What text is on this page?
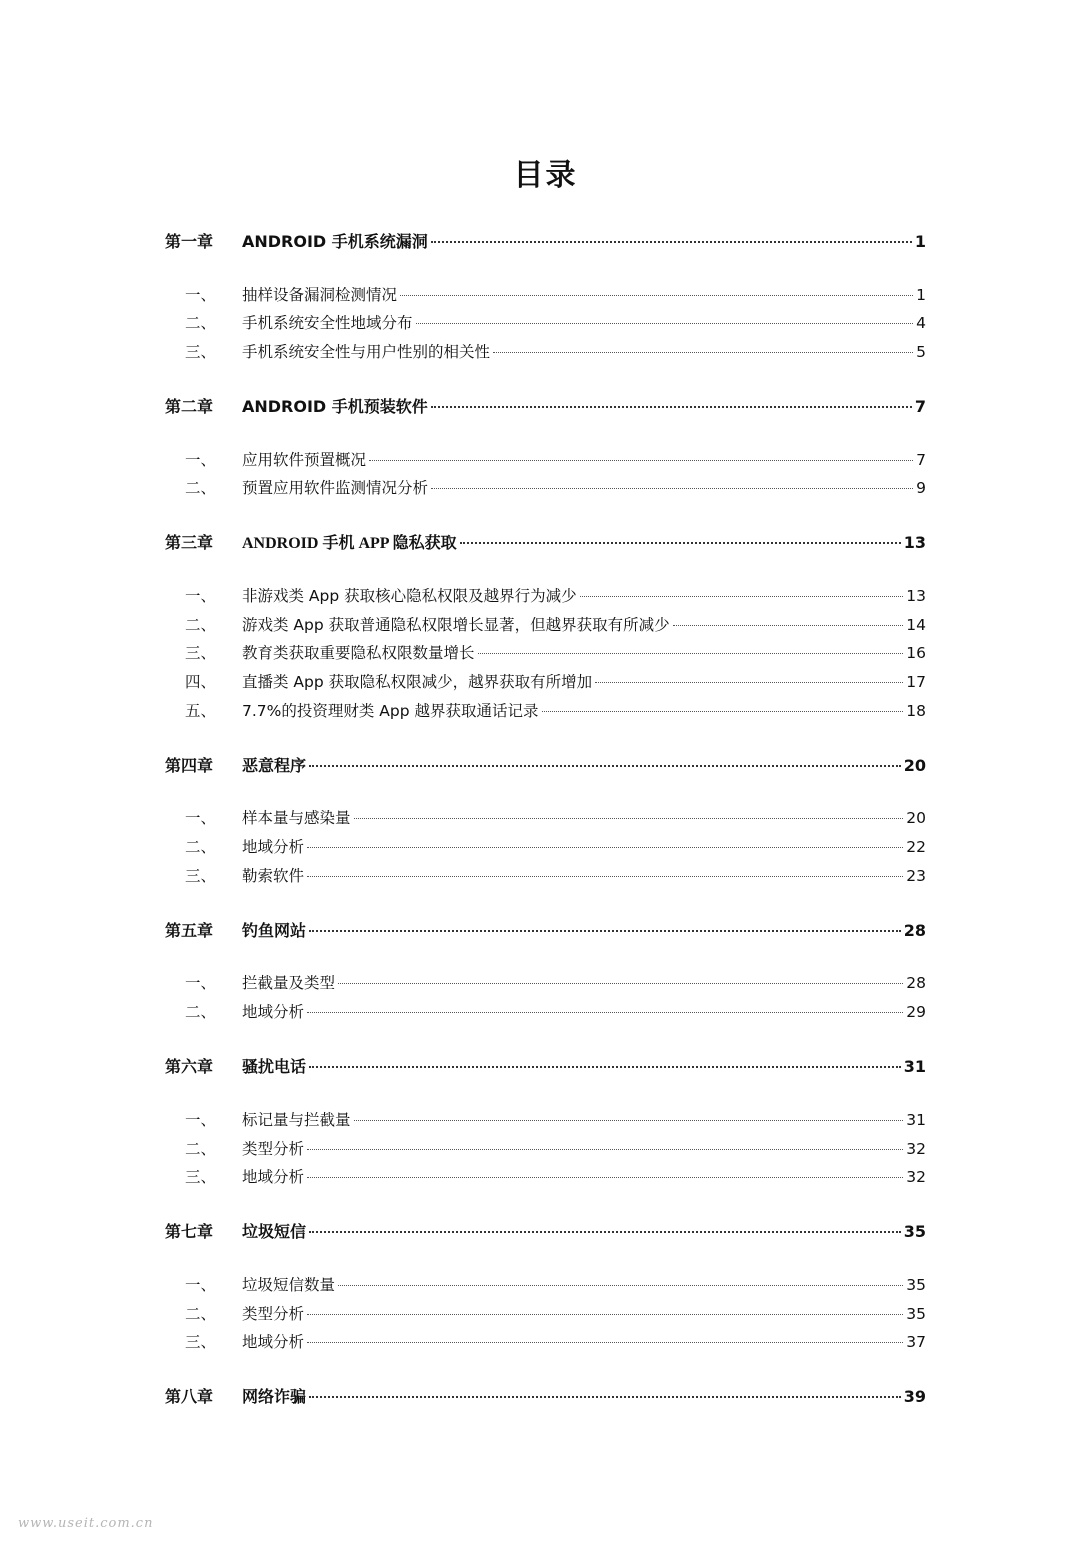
目录
第一章	ANDROID 手机系统漏洞	1
一、	抽样设备漏洞检测情况	1
二、	手机系统安全性地域分布	4
三、	手机系统安全性与用户性别的相关性	5
第二章	ANDROID 手机预装软件	7
一、	应用软件预置概况	7
二、	预置应用软件监测情况分析	9
第三章	ANDROID 手机 APP 隐私获取	13
一、	非游戏类 App 获取核心隐私权限及越界行为减少	13
二、	游戏类 App 获取普通隐私权限增长显著，但越界获取有所减少	14
三、	教育类获取重要隐私权限数量增长	16
四、	直播类 App 获取隐私权限减少，越界获取有所增加	17
五、	7.7%的投资理财类 App 越界获取通话记录	18
第四章	恶意程序	20
一、	样本量与感染量	20
二、	地域分析	22
三、	勒索软件	23
第五章	钓鱼网站	28
一、	拦截量及类型	28
二、	地域分析	29
第六章	骚扰电话	31
一、	标记量与拦截量	31
二、	类型分析	32
三、	地域分析	32
第七章	垃圾短信	35
一、	垃圾短信数量	35
二、	类型分析	35
三、	地域分析	37
第八章	网络诈骗	39
www.useit.com.cn
